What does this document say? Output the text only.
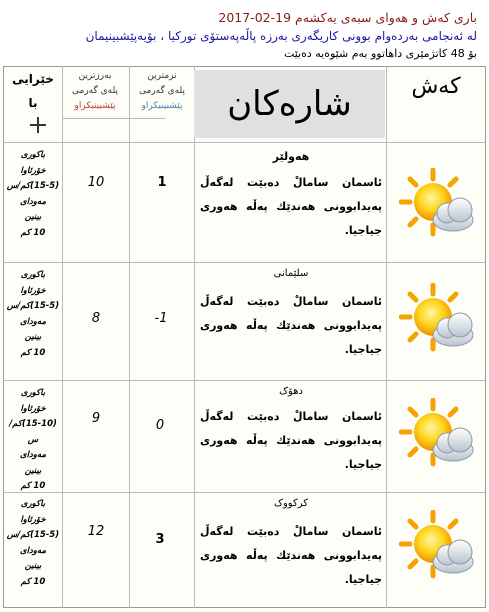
باری کەش و هەوای سبەی یەکشەم 19-02-2017
لە ئەنجامی بەردەوام بوونی کاریگەری بەرزە پاڵەپەستۆی تورکیا ، بۆیەپێشبینیمان
بۆ 48 کاتژمێری داهاتوو بەم شێوەیە دەبێت
کەش
شارەکان
نزمترین
پلەی گەرمی
پێشبینیکراو
بەرزترین
پلەی گەرمی
پێشبینیکراو
خێرایی
با
هەولێر
ئاسمان سامالْ دەبێت لەگەڵ پەیدابوونی هەندێك پەڵە هەوری جیاجیا.
1
10
باکوری
خۆرئاوا
(15-5)کم/س
مەودای
بینین
10 کم
سلێمانی
ئاسمان سامالْ دەبێت لەگەڵ پەیدابوونی هەندێك پەڵە هەوری جیاجیا.
-1
8
باکوری
خۆرئاوا
(15-5)کم/س
مەودای
بینین
10 کم
دهۆک
ئاسمان سامالْ دەبێت لەگەڵ پەیدابوونی هەندێك پەڵە هەوری جیاجیا.
0
9
باکوری
خۆرئاوا
(15-10)کم/س
مەودای
بینین
10 کم
کرکووک
ئاسمان سامالْ دەبێت لەگەڵ پەیدابوونی هەندێك پەڵە هەوری جیاجیا.
3
12
باکوری
خۆرئاوا
(15-5)کم/س
مەودای
بینین
10 کم
